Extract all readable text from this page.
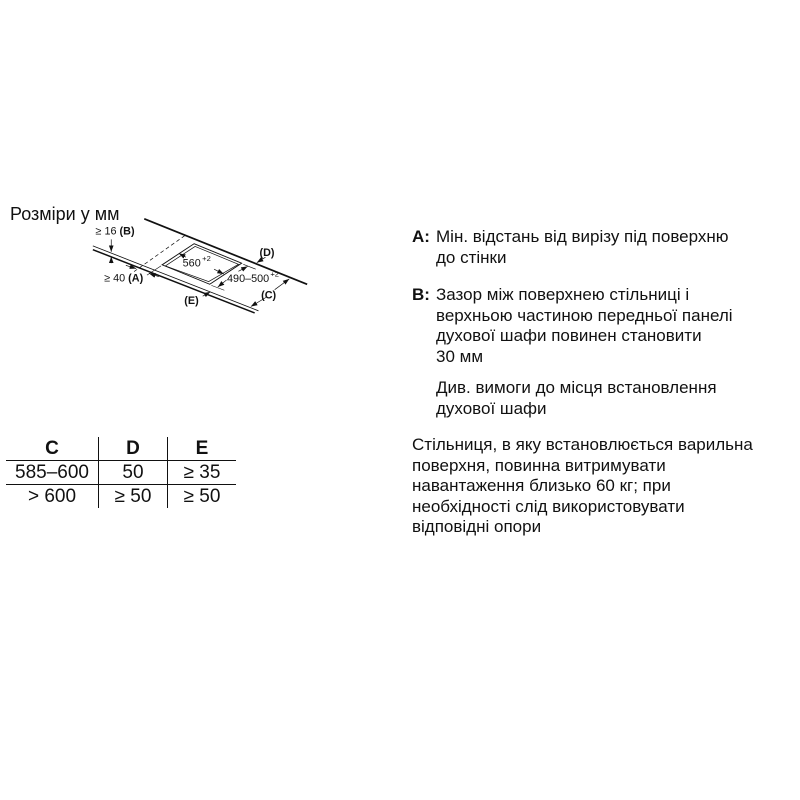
Розміри у мм
≥ 16 (B)
≥ 40 (A)
560 +2
490–500 +2
(D)
(C)
(E)
C	D	E
585–600	50	≥ 35
> 600	≥ 50	≥ 50
A: Мін. відстань від вирізу під поверхню
до стінки
B: Зазор між поверхнею стільниці і
верхньою частиною передньої панелі
духової шафи повинен становити
30 мм
Див. вимоги до місця встановлення
духової шафи
Стільниця, в яку встановлюється варильна
поверхня, повинна витримувати
навантаження близько 60 кг; при
необхідності слід використовувати
відповідні опори
